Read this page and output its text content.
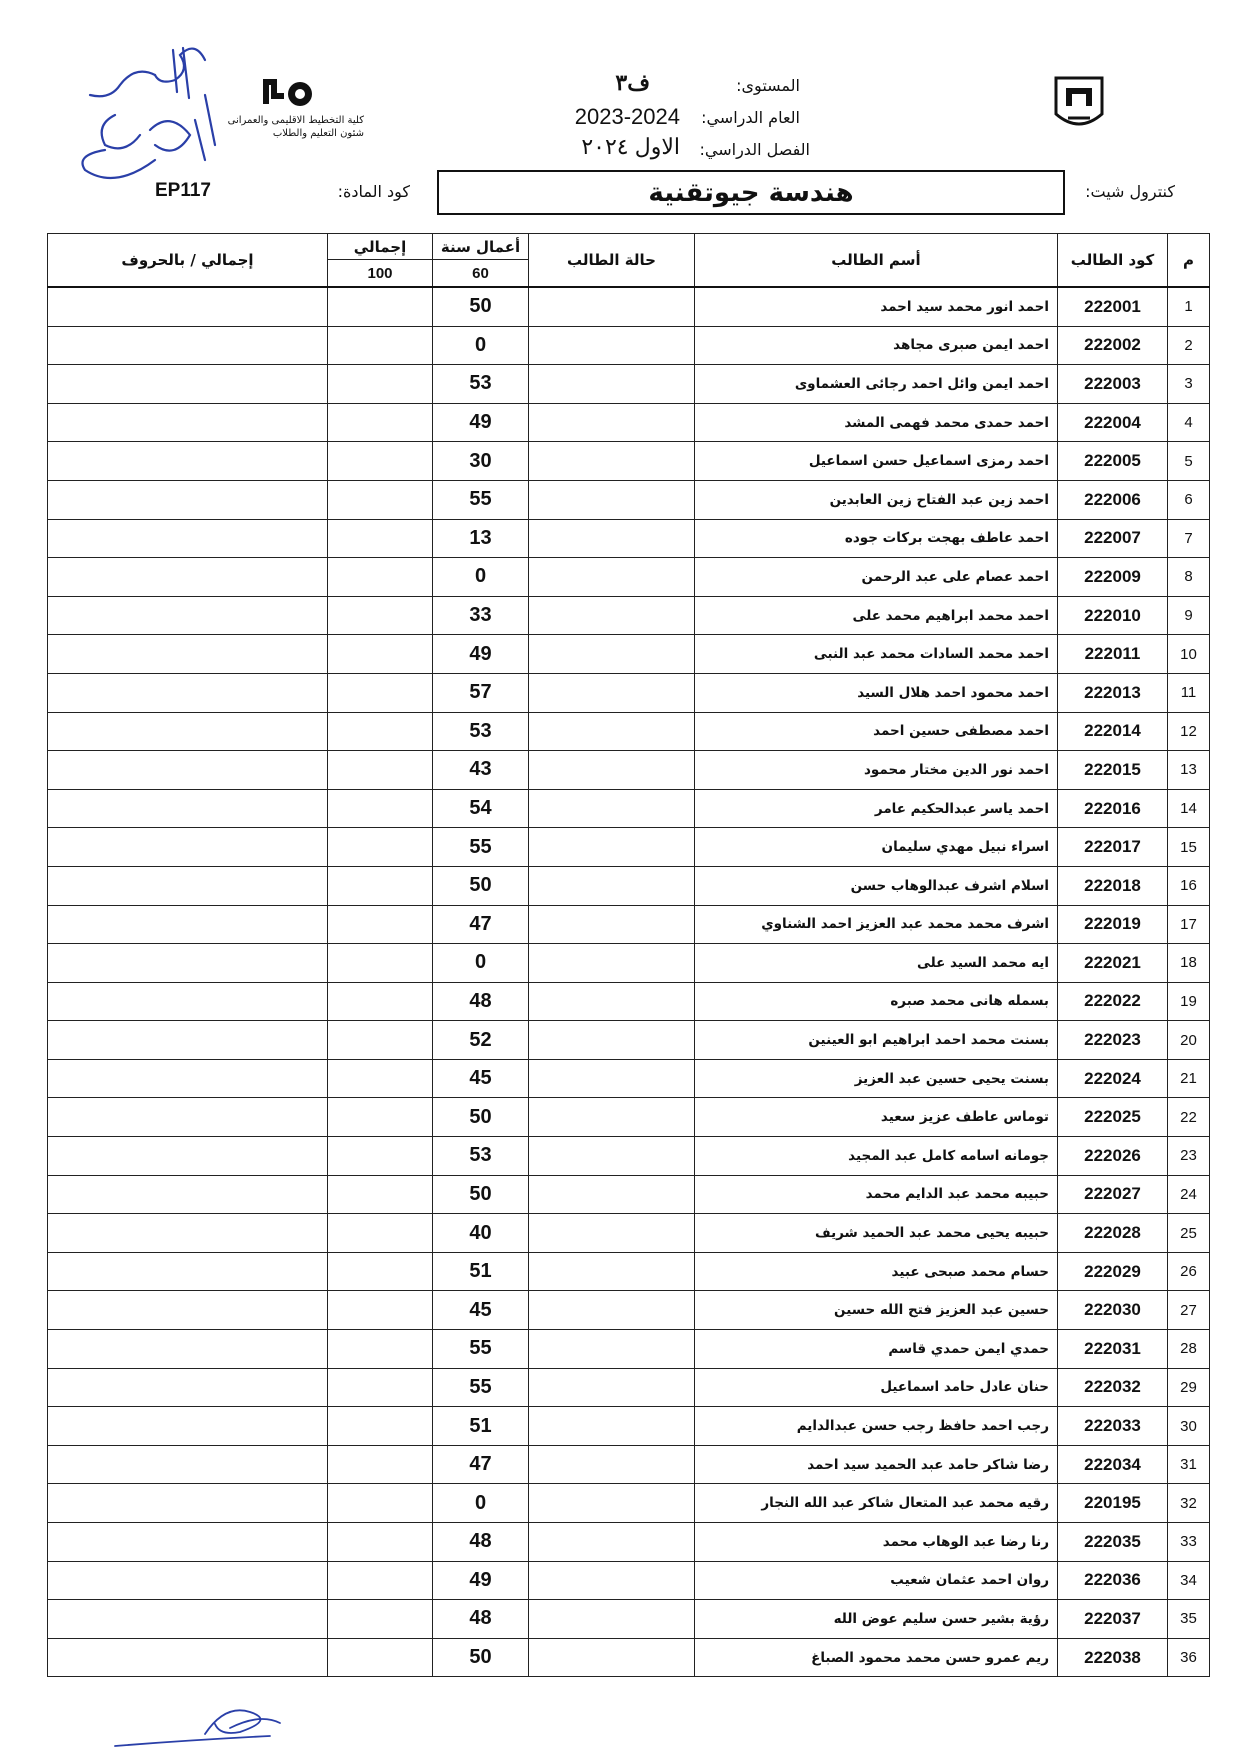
كلية التخطيط الاقليمى والعمرانى
شئون التعليم والطلاب
المستوى:
ف٣
العام الدراسي:
2023-2024
الفصل الدراسي:
الاول ٢٠٢٤
كنترول شيت:
هندسة جيوتقنية
كود المادة:
EP117
إجمالي / بالحروف	إجمالي	أعمال سنة	حالة الطالب	أسم الطالب	كود الطالب	م
	100	60				
		50		احمد انور محمد سيد احمد	222001	1
		0		احمد ايمن صبرى مجاهد	222002	2
		53		احمد ايمن وائل احمد رجائى العشماوى	222003	3
		49		احمد حمدى محمد فهمى المشد	222004	4
		30		احمد رمزى اسماعيل حسن اسماعيل	222005	5
		55		احمد زين عبد الفتاح زين العابدين	222006	6
		13		احمد عاطف بهجت بركات جوده	222007	7
		0		احمد عصام على عبد الرحمن	222009	8
		33		احمد محمد ابراهيم محمد على	222010	9
		49		احمد محمد السادات محمد عبد النبى	222011	10
		57		احمد محمود احمد هلال السيد	222013	11
		53		احمد مصطفى حسين احمد	222014	12
		43		احمد نور الدين مختار محمود	222015	13
		54		احمد ياسر عبدالحكيم عامر	222016	14
		55		اسراء نبيل مهدي سليمان	222017	15
		50		اسلام اشرف عبدالوهاب حسن	222018	16
		47		اشرف محمد محمد عبد العزيز احمد الشناوي	222019	17
		0		ايه محمد السيد على	222021	18
		48		بسمله هانى محمد صبره	222022	19
		52		بسنت محمد احمد ابراهيم ابو العينين	222023	20
		45		بسنت يحيى حسين عبد العزيز	222024	21
		50		توماس عاطف عزيز سعيد	222025	22
		53		جومانه اسامه كامل عبد المجيد	222026	23
		50		حبيبه محمد عبد الدايم محمد	222027	24
		40		حبيبه يحيى محمد عبد الحميد شريف	222028	25
		51		حسام محمد صبحى عبيد	222029	26
		45		حسين عبد العزيز فتح الله حسين	222030	27
		55		حمدي ايمن حمدي قاسم	222031	28
		55		حنان عادل حامد اسماعيل	222032	29
		51		رجب احمد حافظ رجب حسن عبدالدايم	222033	30
		47		رضا شاكر حامد عبد الحميد سيد احمد	222034	31
		0		رقيه محمد عبد المتعال شاكر عبد الله النجار	220195	32
		48		رنا رضا عبد الوهاب محمد	222035	33
		49		روان احمد عثمان شعيب	222036	34
		48		رؤية بشير حسن سليم عوض الله	222037	35
		50		ريم عمرو حسن محمد محمود الصباغ	222038	36
